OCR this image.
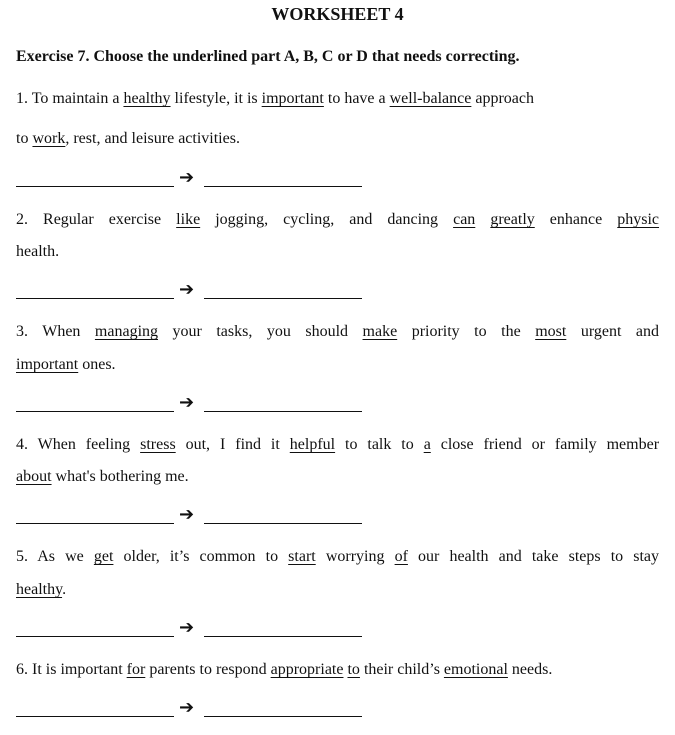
WORKSHEET 4
Exercise 7. Choose the underlined part A, B, C or D that needs correcting.
1. To maintain a healthy lifestyle, it is important to have a well-balance approach
to work, rest, and leisure activities.
➔
2. Regular exercise like jogging, cycling, and dancing can greatly enhance physic
health.
➔
3. When managing your tasks, you should make priority to the most urgent and
important ones.
➔
4. When feeling stress out, I find it helpful to talk to a close friend or family member
about what's bothering me.
➔
5. As we get older, it’s common to start worrying of our health and take steps to stay
healthy.
➔
6. It is important for parents to respond appropriate to their child’s emotional needs.
➔
